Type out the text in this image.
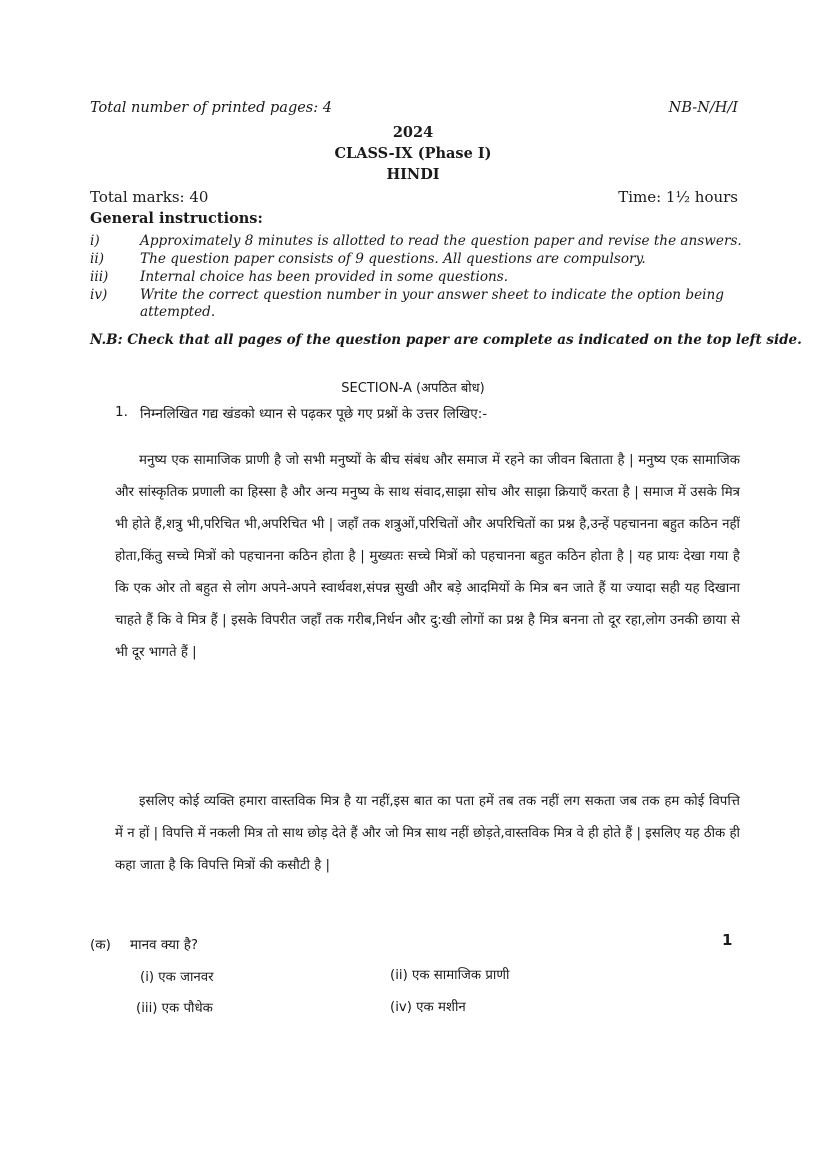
Total number of printed pages: 4	NB-N/H/I
2024
CLASS-IX (Phase I)
HINDI
Total marks: 40	Time: 1½ hours
General instructions:
i)	Approximately 8 minutes is allotted to read the question paper and revise the answers.
ii)	The question paper consists of 9 questions. All questions are compulsory.
iii)	Internal choice has been provided in some questions.
iv)	Write the correct question number in your answer sheet to indicate the option being attempted.
N.B: Check that all pages of the question paper are complete as indicated on the top left side.
SECTION-A (अपठित बोध)
1. निम्नलिखित गद्य खंडको ध्यान से पढ़कर पूछे गए प्रश्नों के उत्तर लिखिए:-
मनुष्य एक सामाजिक प्राणी है जो सभी मनुष्यों के बीच संबंध और समाज में रहने का जीवन बिताता है | मनुष्य एक सामाजिक और सांस्कृतिक प्रणाली का हिस्सा है और अन्य मनुष्य के साथ संवाद,साझा सोच और साझा क्रियाएँ करता है | समाज में उसके मित्र भी होते हैं,शत्रु भी,परिचित भी,अपरिचित भी | जहाँ तक शत्रुओं,परिचितों और अपरिचितों का प्रश्न है,उन्हें पहचानना बहुत कठिन नहीं होता,किंतु सच्चे मित्रों को पहचानना कठिन होता है | मुख्यतः सच्चे मित्रों को पहचानना बहुत कठिन होता है | यह प्रायः देखा गया है कि एक ओर तो बहुत से लोग अपने-अपने स्वार्थवश,संपन्न सुखी और बड़े आदमियों के मित्र बन जाते हैं या ज्यादा सही यह दिखाना चाहते हैं कि वे मित्र हैं | इसके विपरीत जहाँ तक गरीब,निर्धन और दु:खी लोगों का प्रश्न है मित्र बनना तो दूर रहा,लोग उनकी छाया से भी दूर भागते हैं |
इसलिए कोई व्यक्ति हमारा वास्तविक मित्र है या नहीं,इस बात का पता हमें तब तक नहीं लग सकता जब तक हम कोई विपत्ति में न हों | विपत्ति में नकली मित्र तो साथ छोड़ देते हैं और जो मित्र साथ नहीं छोड़ते,वास्तविक मित्र वे ही होते हैं | इसलिए यह ठीक ही कहा जाता है कि विपत्ति मित्रों की कसौटी है |
(क) मानव क्या है?	1
(i) एक जानवर	(ii) एक सामाजिक प्राणी
(iii) एक पौधेक	(iv) एक मशीन
